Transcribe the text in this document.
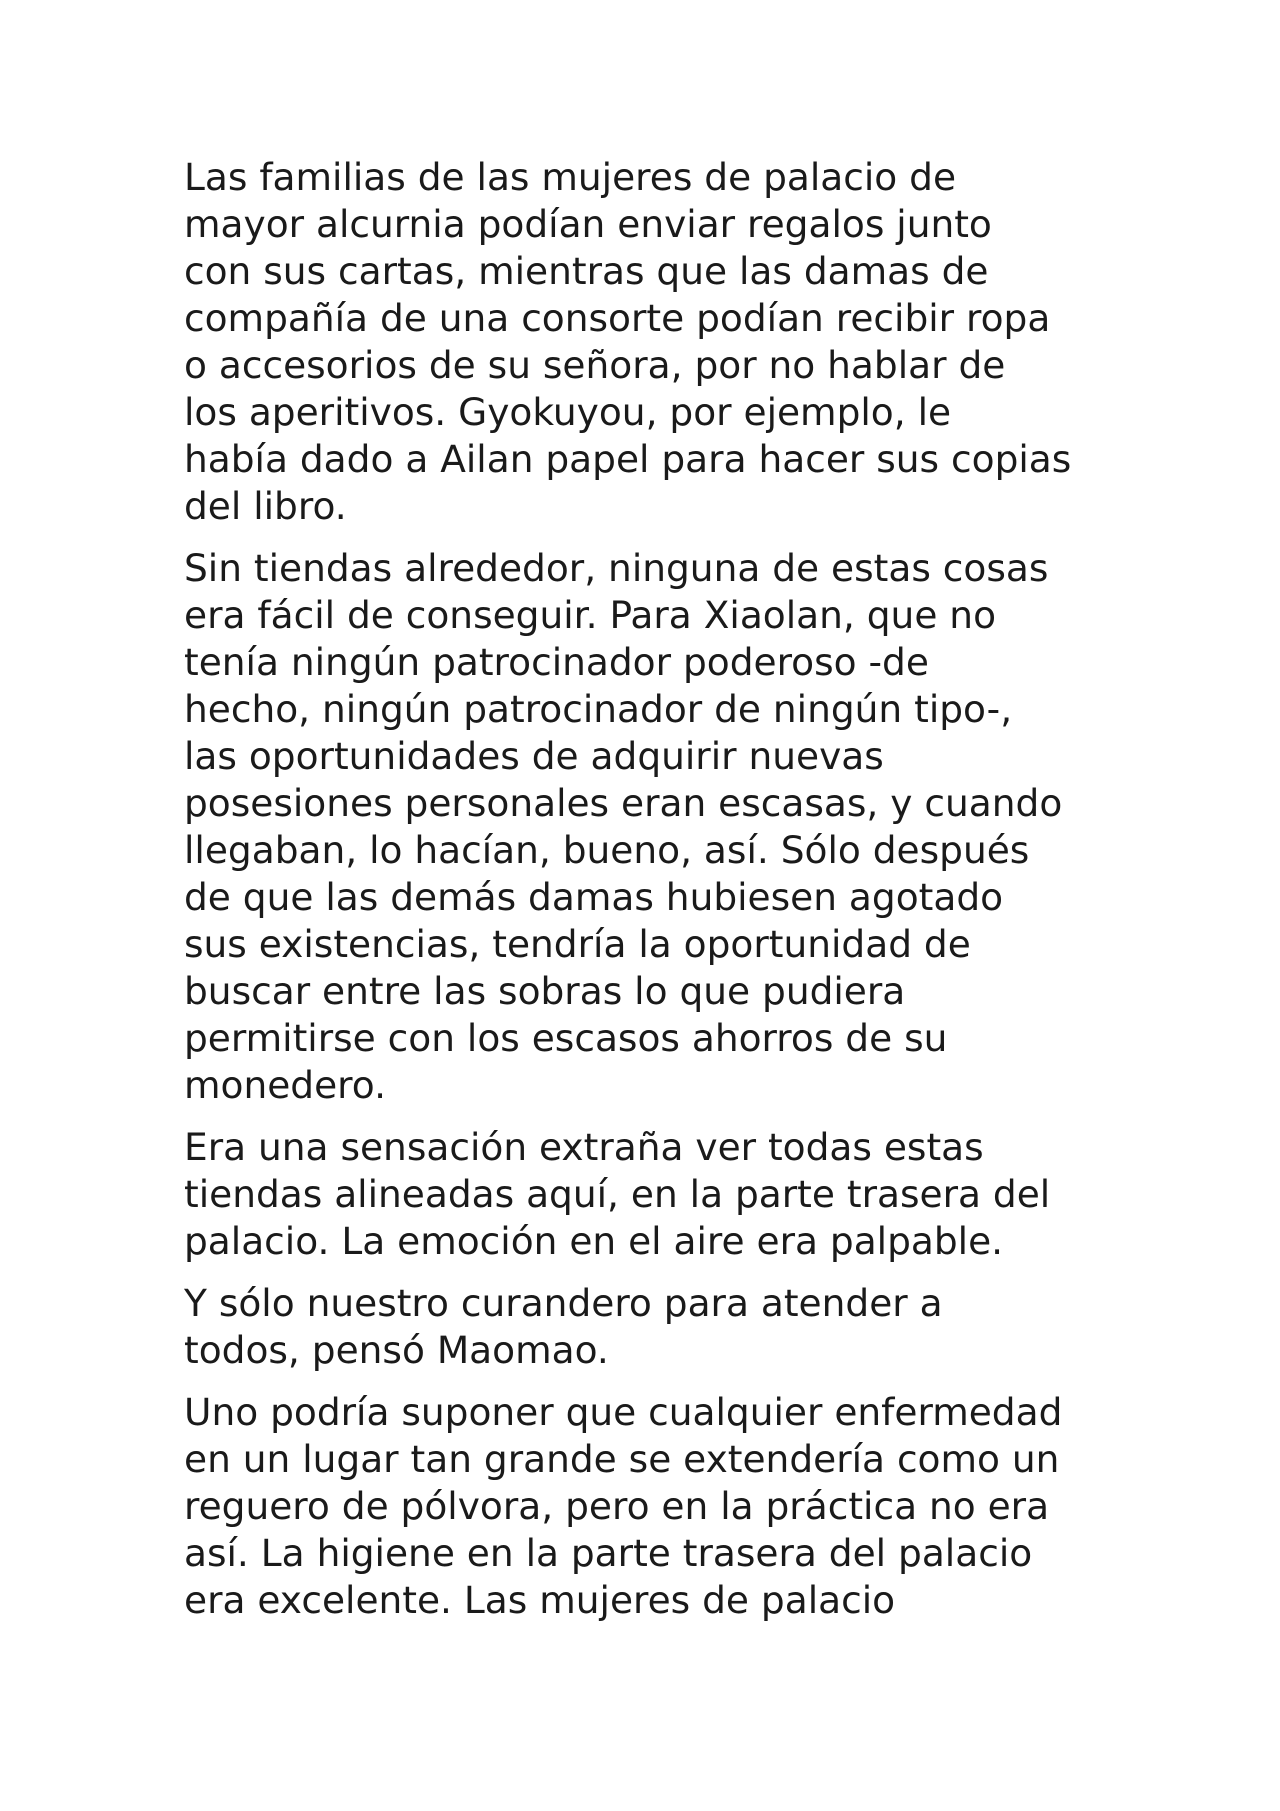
Las familias de las mujeres de palacio de
mayor alcurnia podían enviar regalos junto
con sus cartas, mientras que las damas de
compañía de una consorte podían recibir ropa
o accesorios de su señora, por no hablar de
los aperitivos. Gyokuyou, por ejemplo, le
había dado a Ailan papel para hacer sus copias
del libro.

Sin tiendas alrededor, ninguna de estas cosas
era fácil de conseguir. Para Xiaolan, que no
tenía ningún patrocinador poderoso -de
hecho, ningún patrocinador de ningún tipo-,
las oportunidades de adquirir nuevas
posesiones personales eran escasas, y cuando
llegaban, lo hacían, bueno, así. Sólo después
de que las demás damas hubiesen agotado
sus existencias, tendría la oportunidad de
buscar entre las sobras lo que pudiera
permitirse con los escasos ahorros de su
monedero.

Era una sensación extraña ver todas estas
tiendas alineadas aquí, en la parte trasera del
palacio. La emoción en el aire era palpable.

Y sólo nuestro curandero para atender a
todos, pensó Maomao.

Uno podría suponer que cualquier enfermedad
en un lugar tan grande se extendería como un
reguero de pólvora, pero en la práctica no era
así. La higiene en la parte trasera del palacio
era excelente. Las mujeres de palacio
